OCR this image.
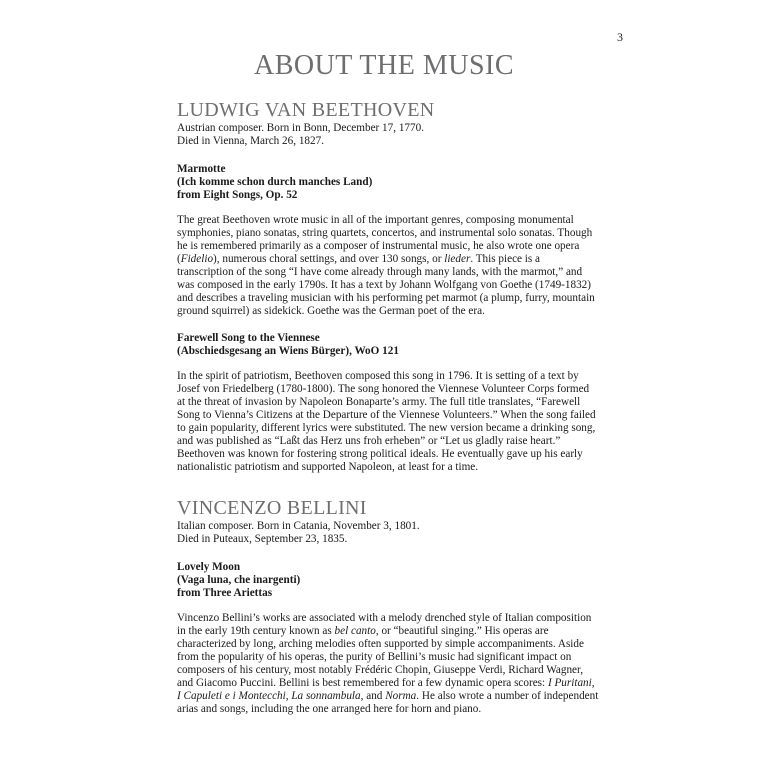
3
ABOUT THE MUSIC
LUDWIG VAN BEETHOVEN

Austrian composer. Born in Bonn, December 17, 1770.
Died in Vienna, March 26, 1827.

Marmotte
(Ich komme schon durch manches Land)
from Eight Songs, Op. 52

The great Beethoven wrote music in all of the important genres, composing monumental symphonies, piano sonatas, string quartets, concertos, and instrumental solo sonatas. Though he is remembered primarily as a composer of instrumental music, he also wrote one opera (Fidelio), numerous choral settings, and over 130 songs, or lieder. This piece is a transcription of the song “I have come already through many lands, with the marmot,” and was composed in the early 1790s. It has a text by Johann Wolfgang von Goethe (1749-1832) and describes a traveling musician with his performing pet marmot (a plump, furry, mountain ground squirrel) as sidekick. Goethe was the German poet of the era.

Farewell Song to the Viennese
(Abschiedsgesang an Wiens Bürger), WoO 121

In the spirit of patriotism, Beethoven composed this song in 1796. It is setting of a text by Josef von Friedelberg (1780-1800). The song honored the Viennese Volunteer Corps formed at the threat of invasion by Napoleon Bonaparte’s army. The full title translates, “Farewell Song to Vienna’s Citizens at the Departure of the Viennese Volunteers.” When the song failed to gain popularity, different lyrics were substituted. The new version became a drinking song, and was published as “Laßt das Herz uns froh erheben” or “Let us gladly raise heart.” Beethoven was known for fostering strong political ideals. He eventually gave up his early nationalistic patriotism and supported Napoleon, at least for a time.

VINCENZO BELLINI

Italian composer. Born in Catania, November 3, 1801.
Died in Puteaux, September 23, 1835.

Lovely Moon
(Vaga luna, che inargenti)
from Three Ariettas

Vincenzo Bellini’s works are associated with a melody drenched style of Italian composition in the early 19th century known as bel canto, or “beautiful singing.” His operas are characterized by long, arching melodies often supported by simple accompaniments. Aside from the popularity of his operas, the purity of Bellini’s music had significant impact on composers of his century, most notably Frédéric Chopin, Giuseppe Verdi, Richard Wagner, and Giacomo Puccini. Bellini is best remembered for a few dynamic opera scores: I Puritani, I Capuleti e i Montecchi, La sonnambula, and Norma. He also wrote a number of independent arias and songs, including the one arranged here for horn and piano.
